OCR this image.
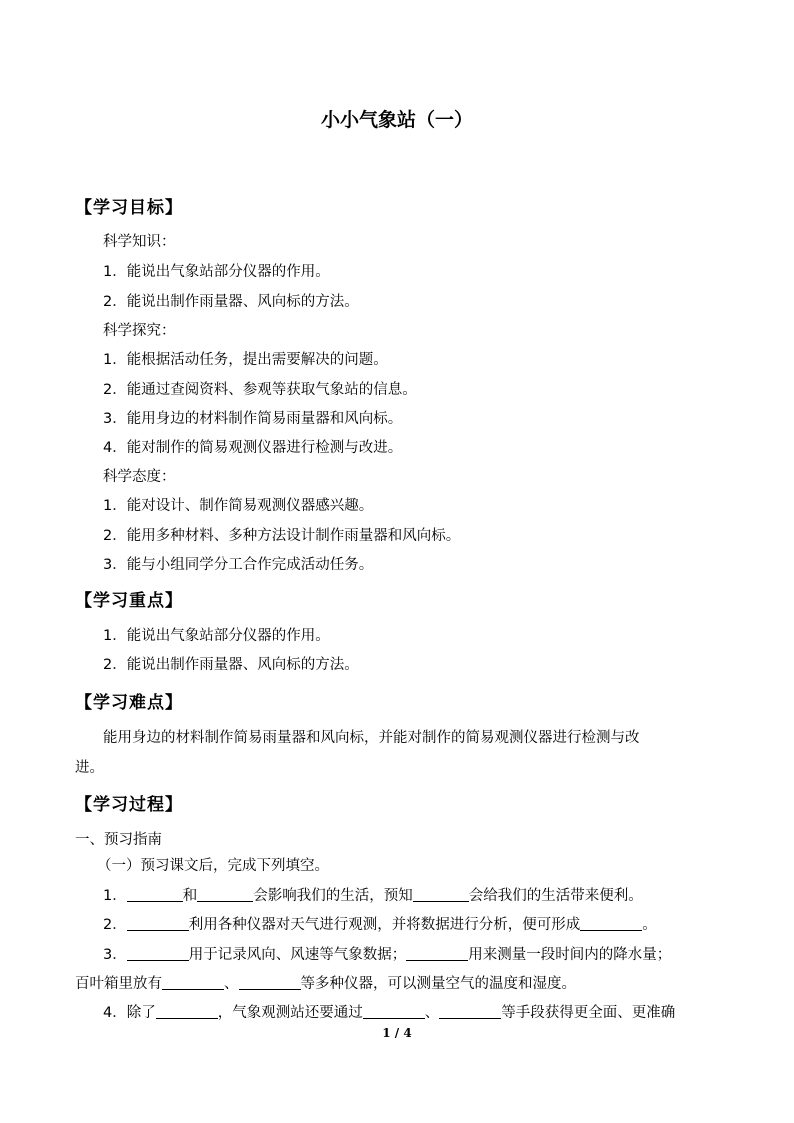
小小气象站（一）
【学习目标】
科学知识：
1．能说出气象站部分仪器的作用。
2．能说出制作雨量器、风向标的方法。
科学探究：
1．能根据活动任务，提出需要解决的问题。
2．能通过查阅资料、参观等获取气象站的信息。
3．能用身边的材料制作简易雨量器和风向标。
4．能对制作的简易观测仪器进行检测与改进。
科学态度：
1．能对设计、制作简易观测仪器感兴趣。
2．能用多种材料、多种方法设计制作雨量器和风向标。
3．能与小组同学分工合作完成活动任务。
【学习重点】
1．能说出气象站部分仪器的作用。
2．能说出制作雨量器、风向标的方法。
【学习难点】
能用身边的材料制作简易雨量器和风向标，并能对制作的简易观测仪器进行检测与改
进。
【学习过程】
一、预习指南
（一）预习课文后，完成下列填空。
1．	和	会影响我们的生活，预知	会给我们的生活带来便利。
2．	利用各种仪器对天气进行观测，并将数据进行分析，便可形成	。
3．	用于记录风向、风速等气象数据；	用来测量一段时间内的降水量；
百叶箱里放有	、	等多种仪器，可以测量空气的温度和湿度。
4．除了	，气象观测站还要通过	、	等手段获得更全面、更准确
1 / 4
